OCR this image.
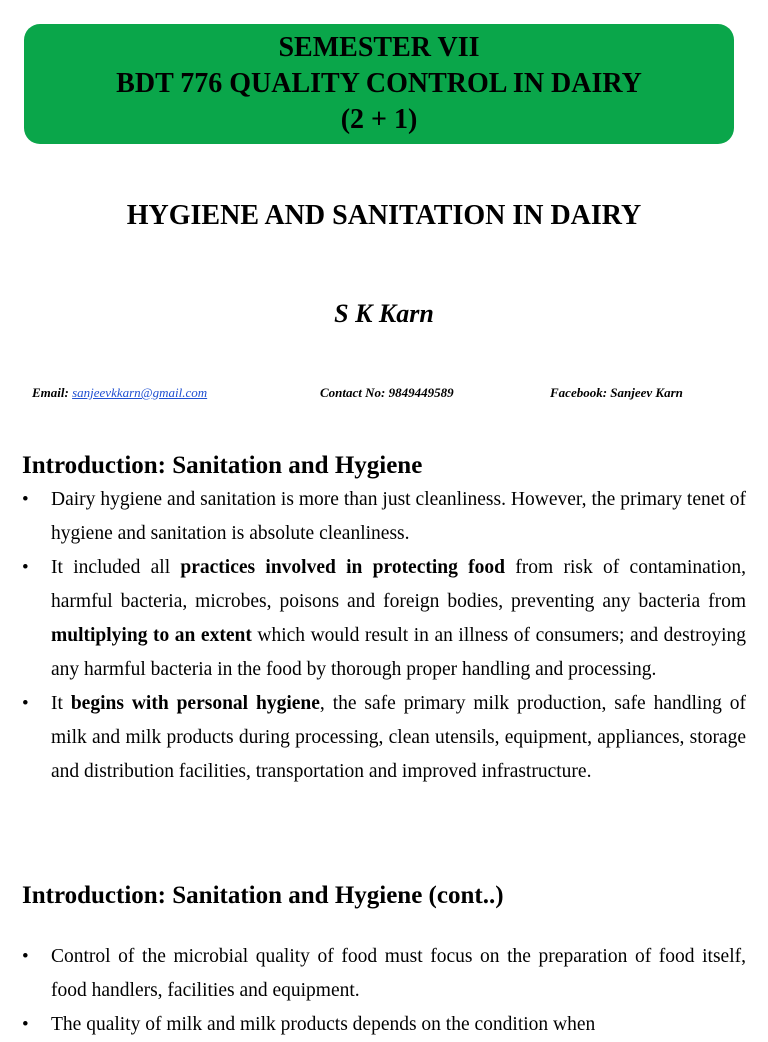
SEMESTER VII
BDT 776 QUALITY CONTROL IN DAIRY
(2 + 1)
HYGIENE AND SANITATION IN DAIRY
S K Karn
Email: sanjeevkkarn@gmail.com	Contact No: 9849449589	Facebook: Sanjeev Karn
Introduction: Sanitation and Hygiene
•	Dairy hygiene and sanitation is more than just cleanliness. However, the primary tenet of hygiene and sanitation is absolute cleanliness.
•	It included all practices involved in protecting food from risk of contamination, harmful bacteria, microbes, poisons and foreign bodies, preventing any bacteria from multiplying to an extent which would result in an illness of consumers; and destroying any harmful bacteria in the food by thorough proper handling and processing.
•	It begins with personal hygiene, the safe primary milk production, safe handling of milk and milk products during processing, clean utensils, equipment, appliances, storage and distribution facilities, transportation and improved infrastructure.
Introduction: Sanitation and Hygiene (cont..)
•	Control of the microbial quality of food must focus on the preparation of food itself, food handlers, facilities and equipment.
•	The quality of milk and milk products depends on the condition when
